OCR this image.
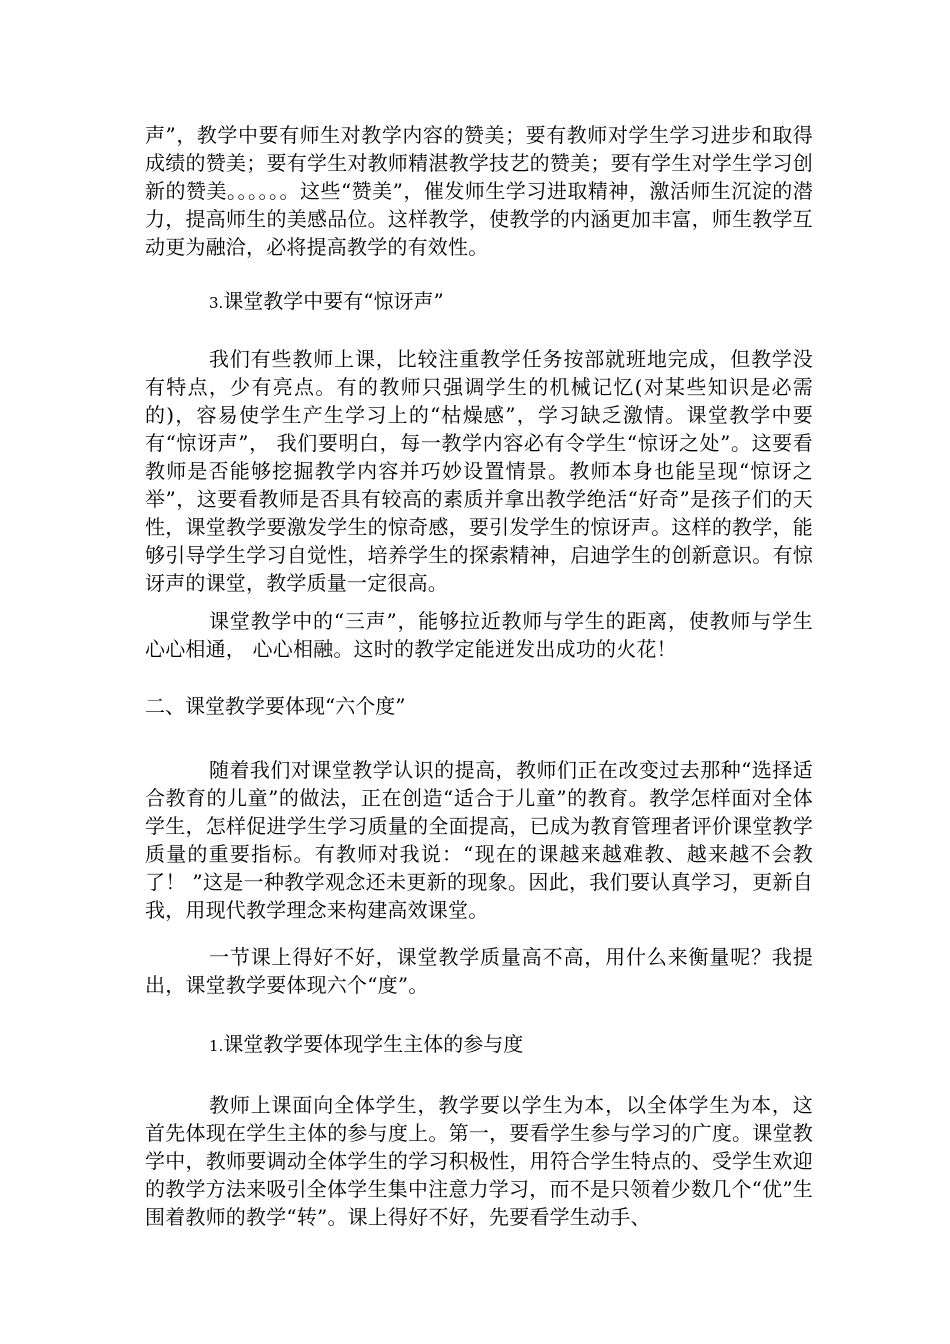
声”，教学中要有师生对教学内容的赞美；要有教师对学生学习进步和取得成绩的赞美；要有学生对教师精湛教学技艺的赞美；要有学生对学生学习创新的赞美。。。。。。这些“赞美”，催发师生学习进取精神，激活师生沉淀的潜力，提高师生的美感品位。这样教学，使教学的内涵更加丰富，师生教学互动更为融洽，必将提高教学的有效性。

3.课堂教学中要有“惊讶声”

我们有些教师上课，比较注重教学任务按部就班地完成，但教学没有特点，少有亮点。有的教师只强调学生的机械记忆(对某些知识是必需的)，容易使学生产生学习上的“枯燥感”，学习缺乏激情。课堂教学中要有“惊讶声”， 我们要明白，每一教学内容必有令学生“惊讶之处”。这要看教师是否能够挖掘教学内容并巧妙设置情景。教师本身也能呈现“惊讶之举”，这要看教师是否具有较高的素质并拿出教学绝活“好奇”是孩子们的天性，课堂教学要激发学生的惊奇感，要引发学生的惊讶声。这样的教学，能够引导学生学习自觉性，培养学生的探索精神，启迪学生的创新意识。有惊讶声的课堂，教学质量一定很高。

课堂教学中的“三声”，能够拉近教师与学生的距离，使教师与学生心心相通， 心心相融。这时的教学定能迸发出成功的火花！

二、课堂教学要体现“六个度”

随着我们对课堂教学认识的提高，教师们正在改变过去那种“选择适合教育的儿童”的做法，正在创造“适合于儿童”的教育。教学怎样面对全体学生，怎样促进学生学习质量的全面提高，已成为教育管理者评价课堂教学质量的重要指标。有教师对我说：“现在的课越来越难教、越来越不会教了！ ”这是一种教学观念还未更新的现象。因此，我们要认真学习，更新自我，用现代教学理念来构建高效课堂。

一节课上得好不好，课堂教学质量高不高，用什么来衡量呢？我提出，课堂教学要体现六个“度”。

1.课堂教学要体现学生主体的参与度

教师上课面向全体学生，教学要以学生为本，以全体学生为本，这首先体现在学生主体的参与度上。第一，要看学生参与学习的广度。课堂教学中，教师要调动全体学生的学习积极性，用符合学生特点的、受学生欢迎的教学方法来吸引全体学生集中注意力学习，而不是只领着少数几个“优”生围着教师的教学“转”。课上得好不好，先要看学生动手、
